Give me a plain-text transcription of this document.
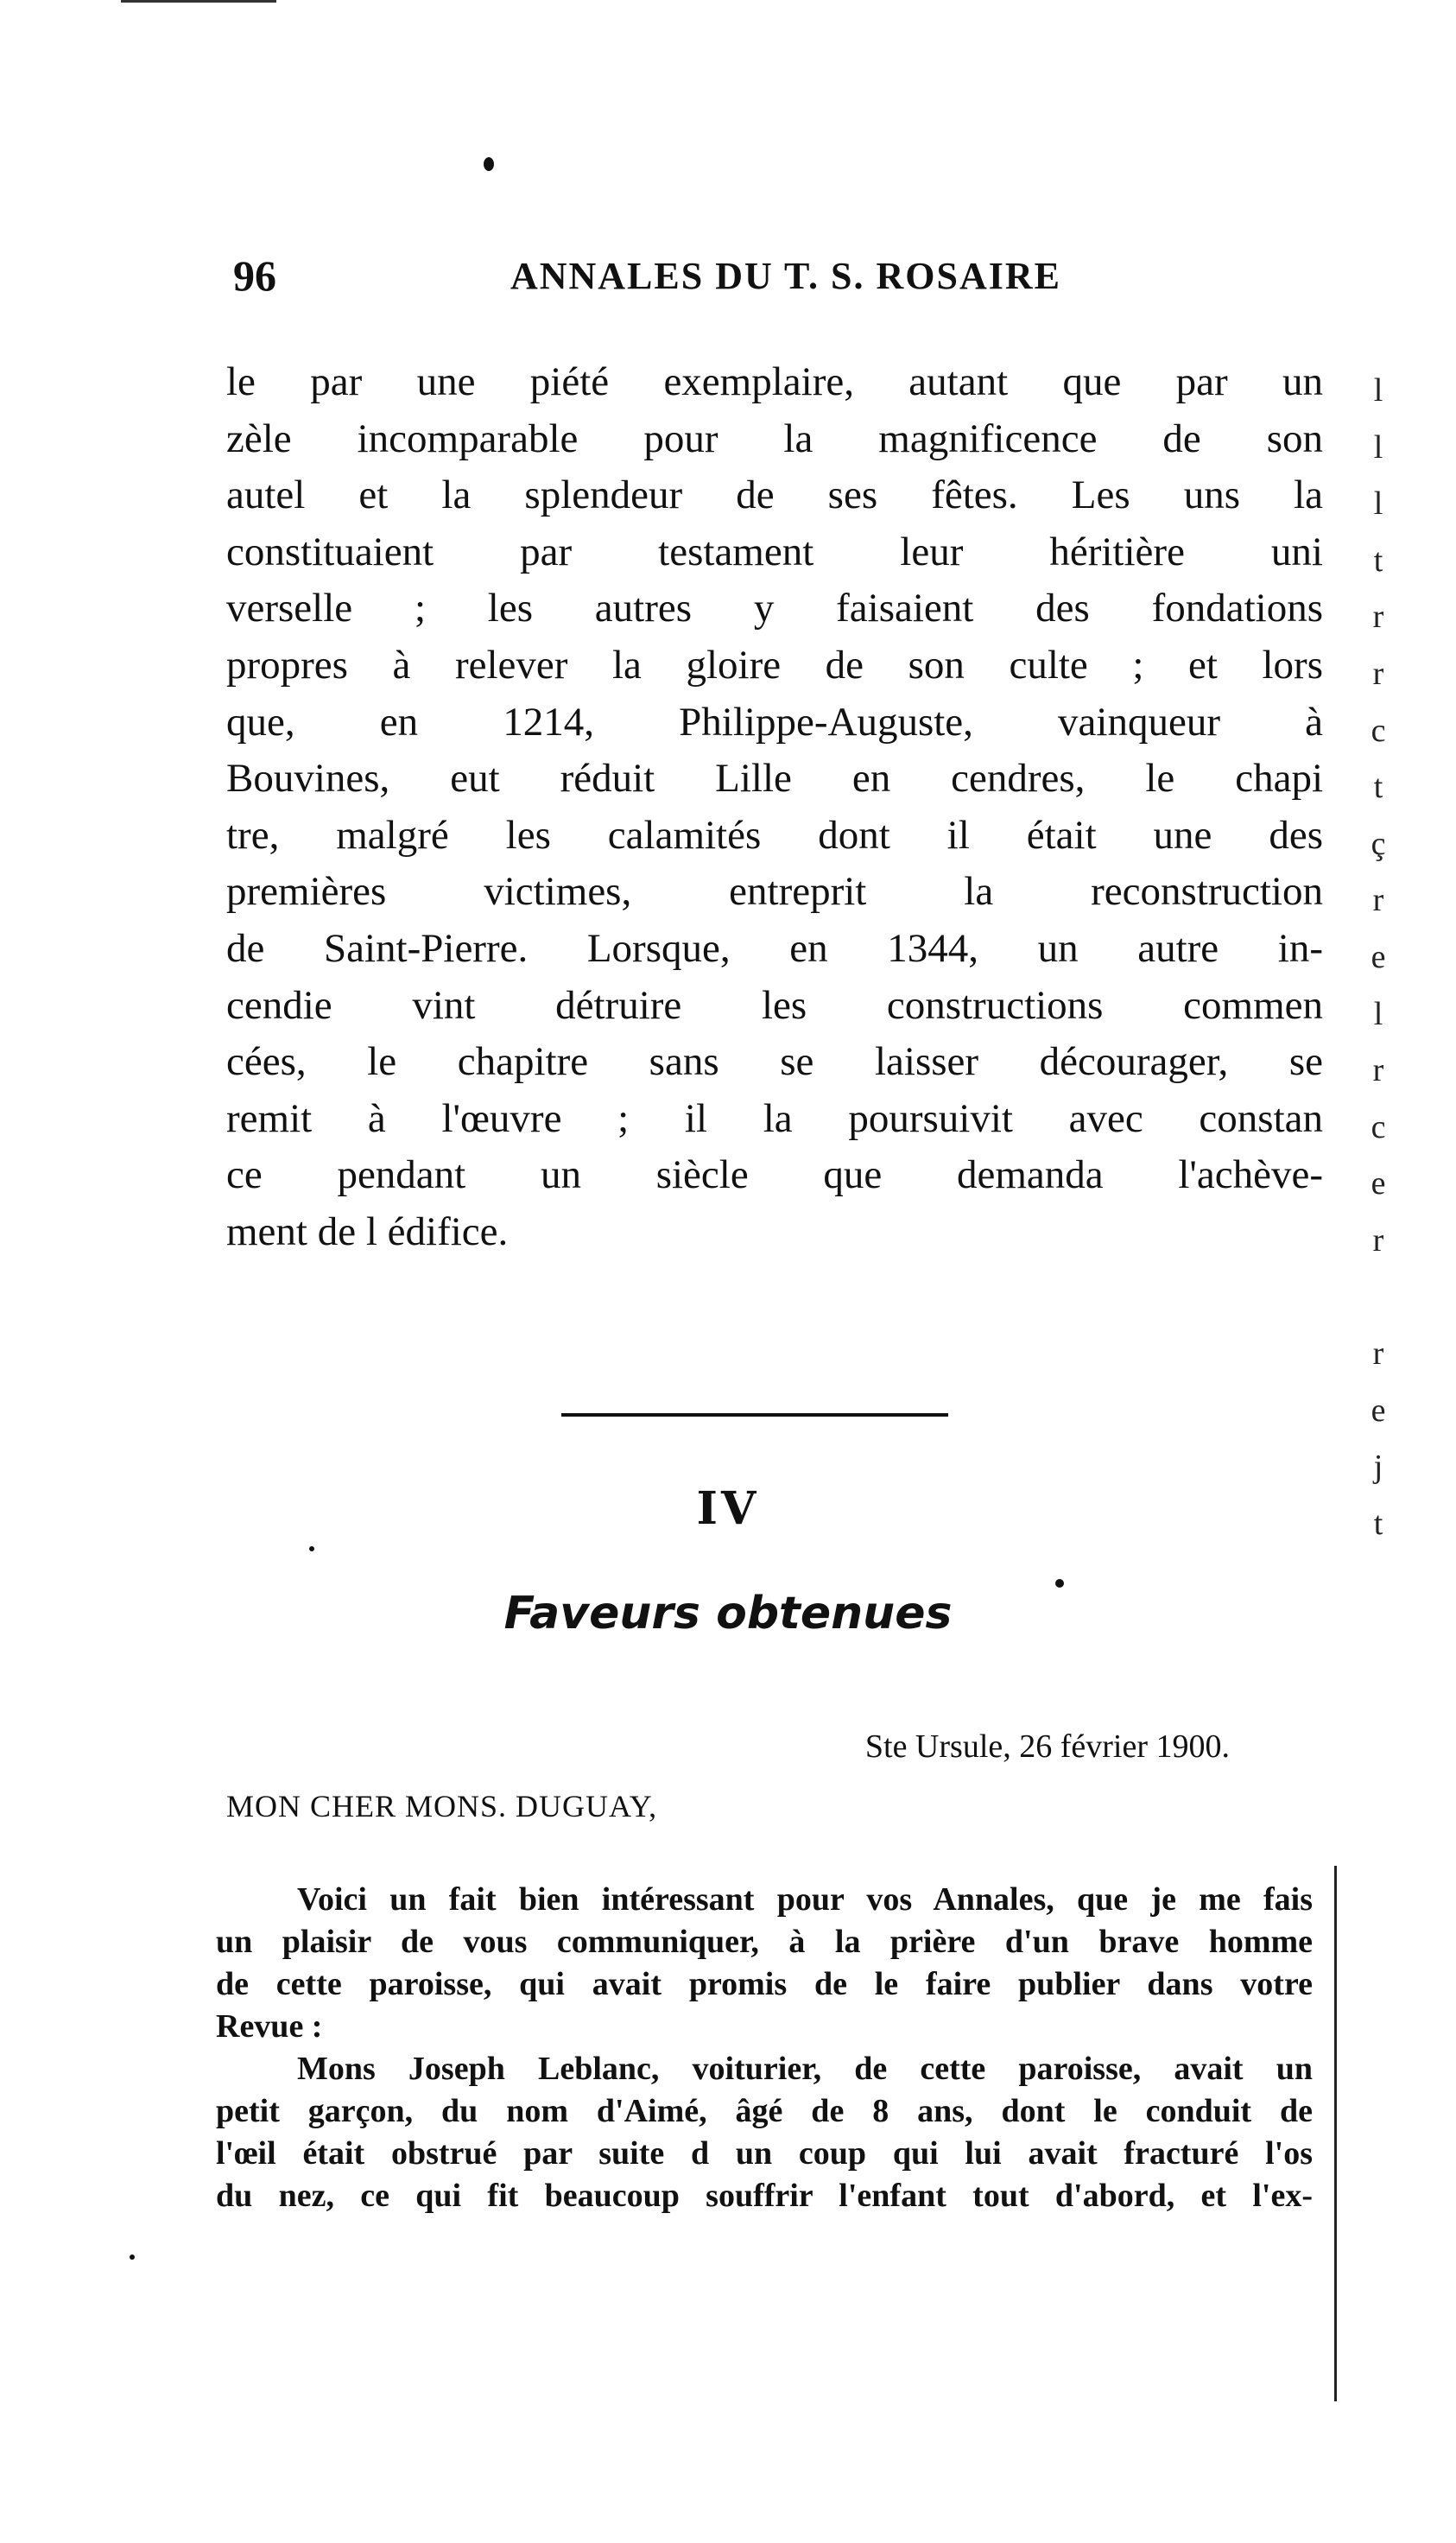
96	ANNALES DU T. S. ROSAIRE
le par une piété exemplaire, autant que par un
zèle incomparable pour la magnificence de son
autel et la splendeur de ses fêtes. Les uns la
constituaient par testament leur héritière uni
verselle ; les autres y faisaient des fondations
propres à relever la gloire de son culte ; et lors
que, en 1214, Philippe-Auguste, vainqueur à
Bouvines, eut réduit Lille en cendres, le chapi
tre, malgré les calamités dont il était une des
premières victimes, entreprit la reconstruction
de Saint-Pierre. Lorsque, en 1344, un autre in-
cendie vint détruire les constructions commen
cées, le chapitre sans se laisser décourager, se
remit à l'œuvre ; il la poursuivit avec constan
ce pendant un siècle que demanda l'achève-
ment de l édifice.
IV
Faveurs obtenues
Ste Ursule, 26 février 1900.
MON CHER MONS. DUGUAY,
Voici un fait bien intéressant pour vos Annales, que je me fais
un plaisir de vous communiquer, à la prière d'un brave homme
de cette paroisse, qui avait promis de le faire publier dans votre
Revue :
Mons Joseph Leblanc, voiturier, de cette paroisse, avait un
petit garçon, du nom d'Aimé, âgé de 8 ans, dont le conduit de
l'œil était obstrué par suite d un coup qui lui avait fracturé l'os
du nez, ce qui fit beaucoup souffrir l'enfant tout d'abord, et l'ex-
l
l
l
t
r
r
c
t
ç
r
e
l
r
c
e
r
r
e
j
t
